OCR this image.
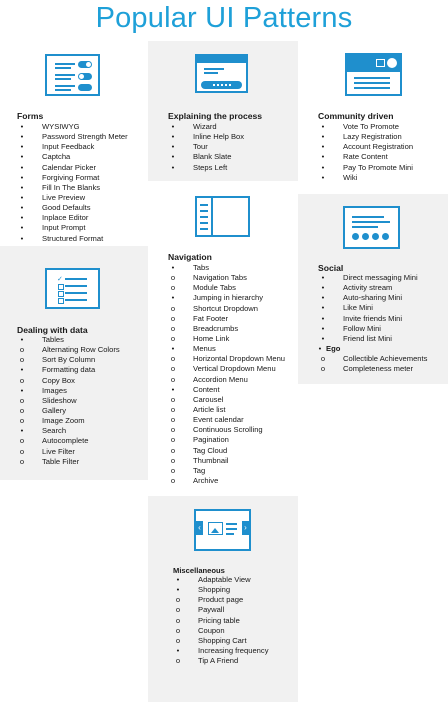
Popular UI Patterns
✓
‹	›
Forms	Explaining the process	Community driven
Navigation
Dealing with data
Social
Miscellaneous
•	WYSIWYG
•	Password Strength Meter
•	Input Feedback
•	Captcha
•	Calendar Picker
•	Forgiving Format
•	Fill In The Blanks
•	Live Preview
•	Good Defaults
•	Inplace Editor
•	Input Prompt
•	Structured Format
•	Wizard
•	Inline Help Box
•	Tour
•	Blank Slate
•	Steps Left
•	Vote To Promote
•	Lazy Registration
•	Account Registration
•	Rate Content
•	Pay To Promote Mini
•	Wiki
•	Tabs
o	Navigation Tabs
o	Module Tabs
•	Jumping in hierarchy
o	Shortcut Dropdown
o	Fat Footer
o	Breadcrumbs
o	Home Link
•	Menus
o	Horizontal Dropdown Menu
o	Vertical Dropdown Menu
o	Accordion Menu
•	Content
o	Carousel
o	Article list
o	Event calendar
o	Continuous Scrolling
o	Pagination
o	Tag Cloud
o	Thumbnail
o	Tag
o	Archive
•	Tables
o	Alternating Row Colors
o	Sort By Column
•	Formatting data
o	Copy Box
•	Images
o	Slideshow
o	Gallery
o	Image Zoom
•	Search
o	Autocomplete
o	Live Filter
o	Table Filter
•	Direct messaging Mini
•	Activity stream
•	Auto-sharing Mini
•	Like Mini
•	Invite friends Mini
•	Follow Mini
•	Friend list Mini
• Ego
o	Collectible Achievements
o	Completeness meter
•	Adaptable View
•	Shopping
o	Product page
o	Paywall
o	Pricing table
o	Coupon
o	Shopping Cart
•	Increasing frequency
o	Tip A Friend
